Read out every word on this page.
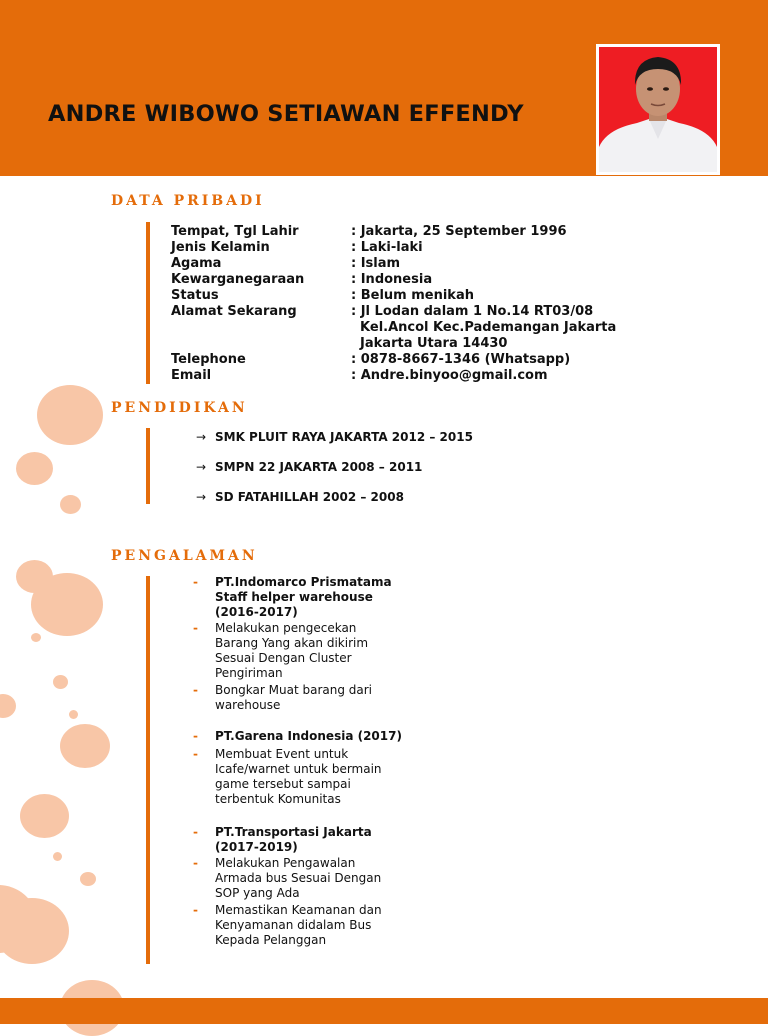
ANDRE WIBOWO SETIAWAN EFFENDY
DATA PRIBADI
Tempat, Tgl Lahir	: Jakarta, 25 September 1996
Jenis Kelamin	: Laki-laki
Agama	: Islam
Kewarganegaraan	: Indonesia
Status	: Belum menikah
Alamat Sekarang	: Jl Lodan dalam 1 No.14 RT03/08
Kel.Ancol Kec.Pademangan Jakarta
Jakarta Utara 14430
Telephone	: 0878-8667-1346 (Whatsapp)
Email	: Andre.binyoo@gmail.com
PENDIDIKAN
→ SMK PLUIT RAYA JAKARTA 2012 – 2015
→ SMPN 22 JAKARTA 2008 – 2011
→ SD FATAHILLAH 2002 – 2008
PENGALAMAN
- PT.Indomarco Prismatama
Staff helper warehouse
(2016-2017)
- Melakukan pengecekan
Barang Yang akan dikirim
Sesuai Dengan Cluster
Pengiriman
- Bongkar Muat barang dari
warehouse
- PT.Garena Indonesia (2017)
- Membuat Event untuk
Icafe/warnet untuk bermain
game tersebut sampai
terbentuk Komunitas
- PT.Transportasi Jakarta
(2017-2019)
- Melakukan Pengawalan
Armada bus Sesuai Dengan
SOP yang Ada
- Memastikan Keamanan dan
Kenyamanan didalam Bus
Kepada Pelanggan
